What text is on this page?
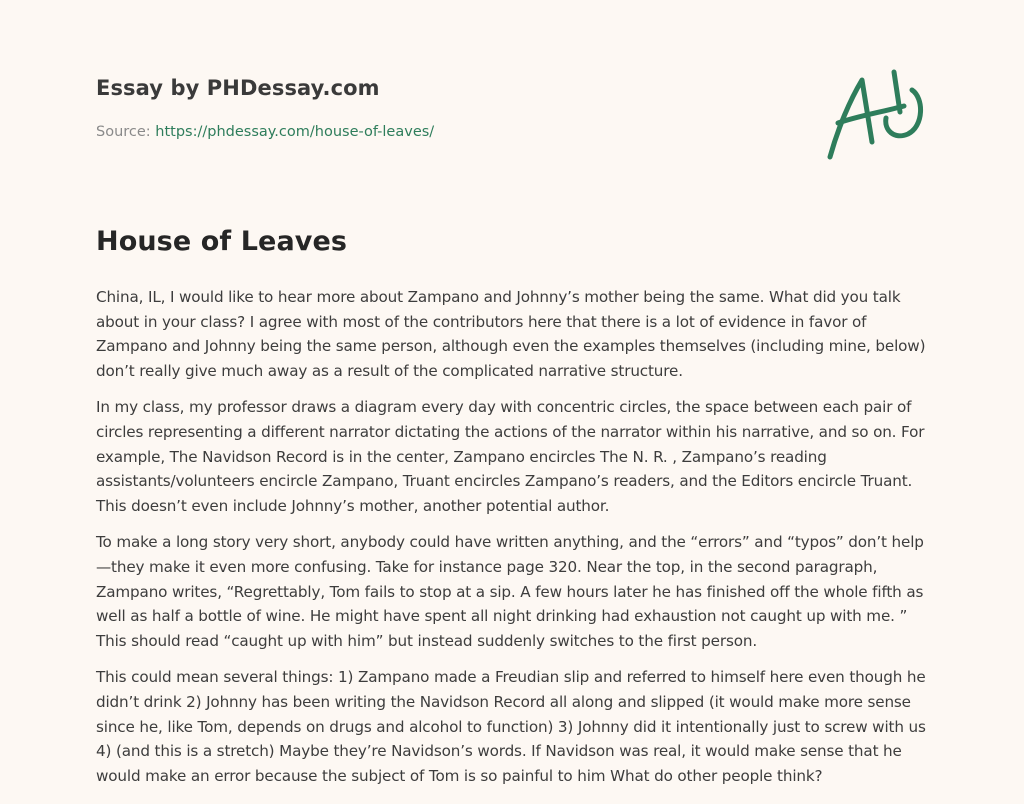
Essay by PHDessay.com
Source: https://phdessay.com/house-of-leaves/
House of Leaves

China, IL, I would like to hear more about Zampano and Johnny’s mother being the same. What did you talk about in your class? I agree with most of the contributors here that there is a lot of evidence in favor of Zampano and Johnny being the same person, although even the examples themselves (including mine, below) don’t really give much away as a result of the complicated narrative structure.

In my class, my professor draws a diagram every day with concentric circles, the space between each pair of circles representing a different narrator dictating the actions of the narrator within his narrative, and so on. For example, The Navidson Record is in the center, Zampano encircles The N. R. , Zampano’s reading assistants/volunteers encircle Zampano, Truant encircles Zampano’s readers, and the Editors encircle Truant. This doesn’t even include Johnny’s mother, another potential author.

To make a long story very short, anybody could have written anything, and the “errors” and “typos” don’t help—they make it even more confusing. Take for instance page 320. Near the top, in the second paragraph, Zampano writes, “Regrettably, Tom fails to stop at a sip. A few hours later he has finished off the whole fifth as well as half a bottle of wine. He might have spent all night drinking had exhaustion not caught up with me. ” This should read “caught up with him” but instead suddenly switches to the first person.

This could mean several things: 1) Zampano made a Freudian slip and referred to himself here even though he didn’t drink 2) Johnny has been writing the Navidson Record all along and slipped (it would make more sense since he, like Tom, depends on drugs and alcohol to function) 3) Johnny did it intentionally just to screw with us 4) (and this is a stretch) Maybe they’re Navidson’s words. If Navidson was real, it would make sense that he would make an error because the subject of Tom is so painful to him What do other people think?
